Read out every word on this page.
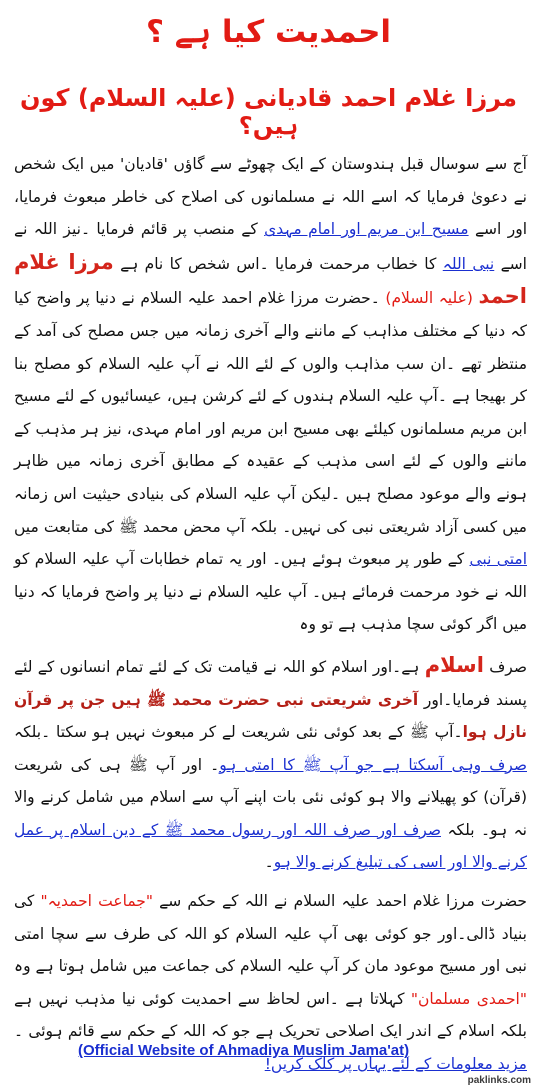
احمدیت کیا ہے ؟
مرزا غلام احمد قادیانی (علیہ السلام) کون ہیں؟

آج سے سوسال قبل ہندوستان کے ایک چھوٹے سے گاؤں 'قادیان' میں ایک شخص نے دعویٰ فرمایا کہ اسے اللہ نے مسلمانوں کی اصلاح کی خاطر مبعوث فرمایا، اور اسے مسیح ابن مریم اور امام مہدی کے منصب پر قائم فرمایا ۔نیز اللہ نے اسے نبی اللہ کا خطاب مرحمت فرمایا ۔اس شخص کا نام ہے مرزا غلام احمد (علیہ السلام) ۔حضرت مرزا غلام احمد علیہ السلام نے دنیا پر واضح کیا کہ دنیا کے مختلف مذاہب کے ماننے والے آخری زمانہ میں جس مصلح کی آمد کے منتظر تھے ۔ان سب مذاہب والوں کے لئے اللہ نے آپ علیہ السلام کو مصلح بنا کر بھیجا ہے ۔آپ علیہ السلام ہندوں کے لئے کرشن ہیں، عیسائیوں کے لئے مسیح ابن مریم مسلمانوں کیلئے بھی مسیح ابن مریم اور امام مہدی، نیز ہر مذہب کے ماننے والوں کے لئے اسی مذہب کے عقیدہ کے مطابق آخری زمانہ میں ظاہر ہونے والے موعود مصلح ہیں ۔لیکن آپ علیہ السلام کی بنیادی حیثیت اس زمانہ میں کسی آزاد شریعتی نبی کی نہیں۔ بلکہ آپ محض محمد ﷺ کی متابعت میں امتی نبی کے طور پر مبعوث ہوئے ہیں۔ اور یہ تمام خطابات آپ علیہ السلام کو اللہ نے خود مرحمت فرمائے ہیں۔ آپ علیہ السلام نے دنیا پر واضح فرمایا کہ دنیا میں اگر کوئی سچا مذہب ہے تو وہ

صرف اسلام ہے۔اور اسلام کو اللہ نے قیامت تک کے لئے تمام انسانوں کے لئے پسند فرمایا۔اور آخری شریعتی نبی حضرت محمد ﷺ ہیں جن پر قرآن نازل ہوا۔آپ ﷺ کے بعد کوئی نئی شریعت لے کر مبعوث نہیں ہو سکتا ۔بلکہ صرف وہی آسکتا ہے جو آپ ﷺ کا امتی ہو۔ اور آپ ﷺ ہی کی شریعت (قرآن) کو پھیلانے والا ہو کوئی نئی بات اپنے آپ سے اسلام میں شامل کرنے والا نہ ہو۔ بلکہ صرف اور صرف اللہ اور رسول محمد ﷺ کے دین اسلام پر عمل کرنے والا اور اسی کی تبلیغ کرنے والا ہو۔

حضرت مرزا غلام احمد علیہ السلام نے اللہ کے حکم سے "جماعت احمدیہ" کی بنیاد ڈالی۔اور جو کوئی بھی آپ علیہ السلام کو اللہ کی طرف سے سچا امتی نبی اور مسیح موعود مان کر آپ علیہ السلام کی جماعت میں شامل ہوتا ہے وہ "احمدی مسلمان" کہلاتا ہے ۔اس لحاظ سے احمدیت کوئی نیا مذہب نہیں ہے بلکہ اسلام کے اندر ایک اصلاحی تحریک ہے جو کہ اللہ کے حکم سے قائم ہوئی ۔ مزید معلومات کے لئے یہاں پر کلک کریں!

(Official Website of Ahmadiya Muslim Jama'at)
paklinks.com
